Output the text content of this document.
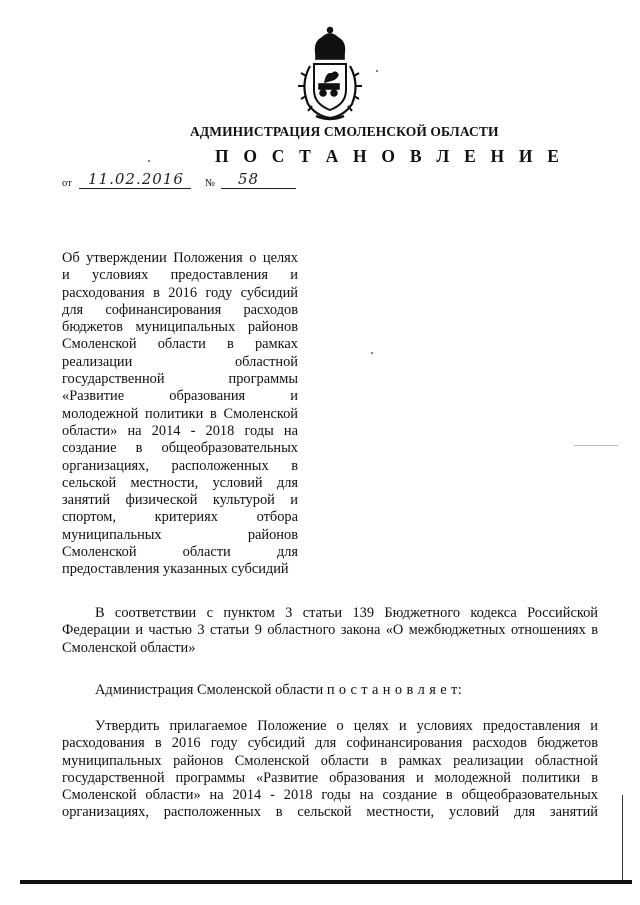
АДМИНИСТРАЦИЯ СМОЛЕНСКОЙ ОБЛАСТИ
П О С Т А Н О В Л Е Н И Е
от 11.02.2016 № 58
Об утверждении Положения о целях
и условиях предоставления и
расходования в 2016 году субсидий
для софинансирования расходов
бюджетов муниципальных районов
Смоленской области в рамках
реализации областной
государственной программы
«Развитие образования и
молодежной политики в Смоленской
области» на 2014 - 2018 годы на
создание в общеобразовательных
организациях, расположенных в
сельской местности, условий для
занятий физической культурой и
спортом, критериях отбора
муниципальных районов
Смоленской области для
предоставления указанных субсидий
В соответствии с пунктом 3 статьи 139 Бюджетного кодекса Российской
Федерации и частью 3 статьи 9 областного закона «О межбюджетных отношениях в
Смоленской области»
Администрация Смоленской области п о с т а н о в л я е т:
Утвердить прилагаемое Положение о целях и условиях предоставления и
расходования в 2016 году субсидий для софинансирования расходов бюджетов
муниципальных районов Смоленской области в рамках реализации областной
государственной программы «Развитие образования и молодежной политики в
Смоленской области» на 2014 - 2018 годы на создание в общеобразовательных
организациях, расположенных в сельской местности, условий для занятий
